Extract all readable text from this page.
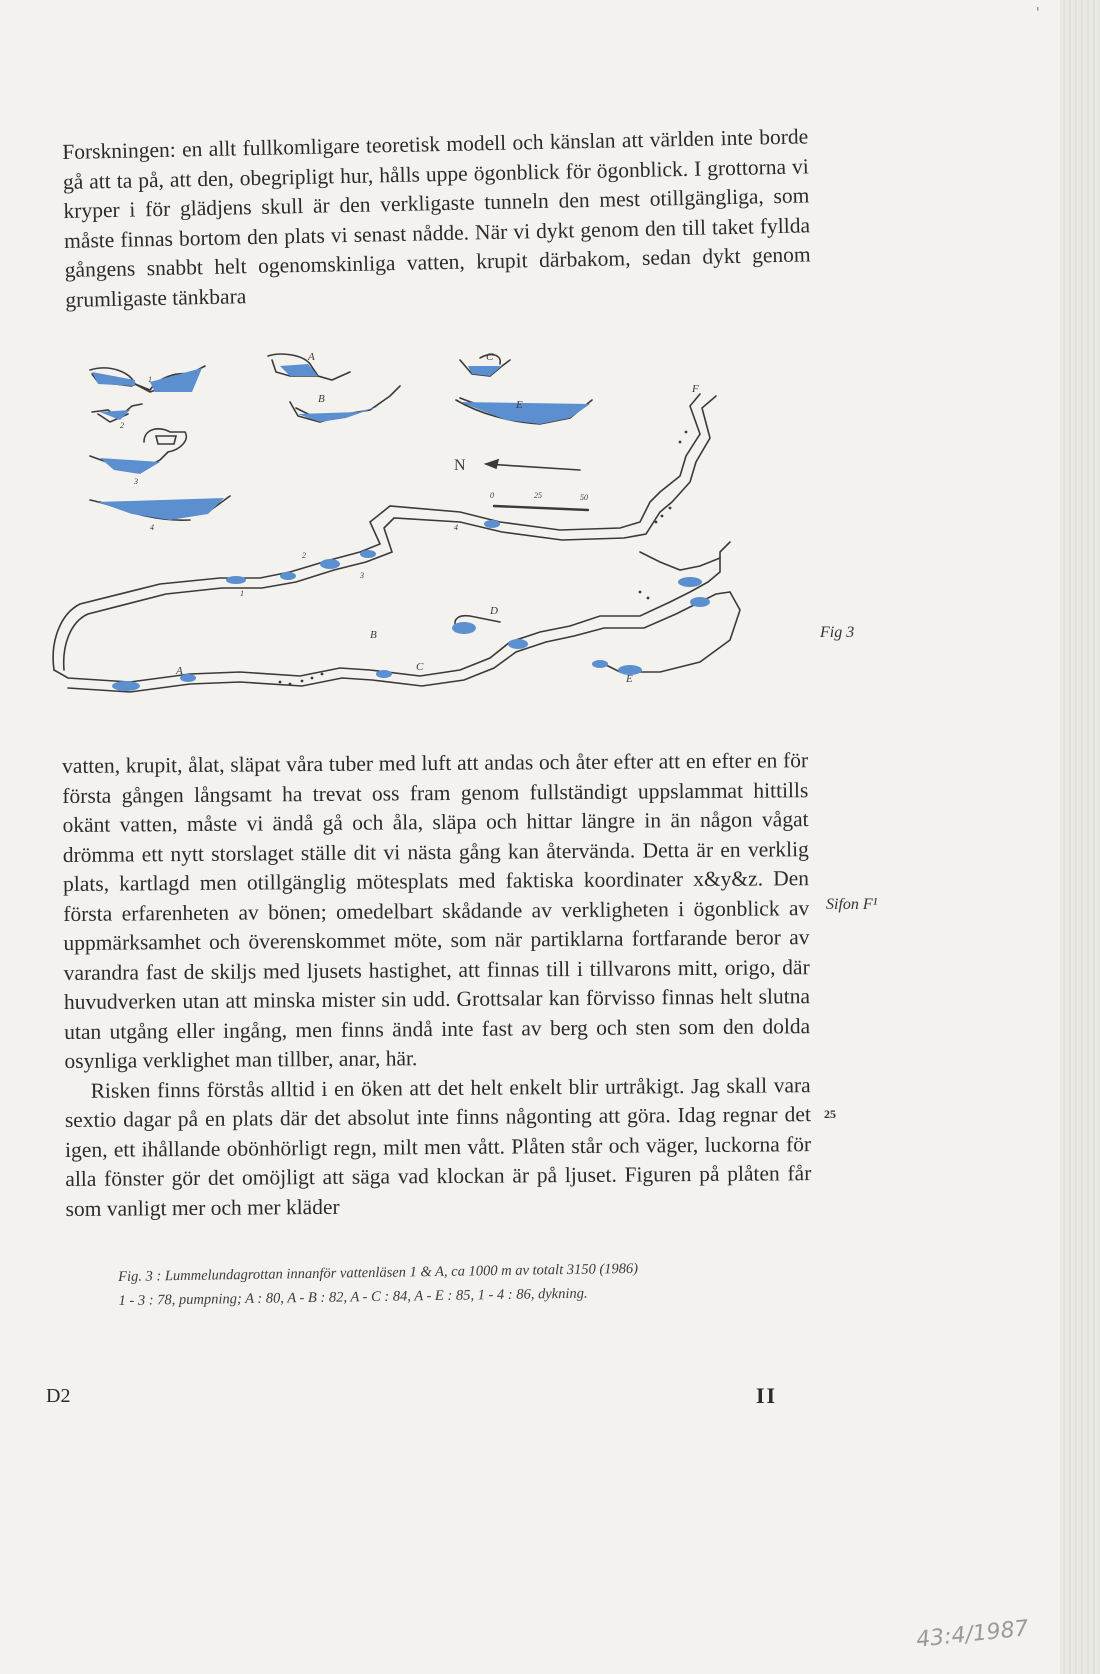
'

Forskningen: en allt fullkomligare teoretisk modell och känslan att världen inte borde gå att ta på, att den, obegripligt hur, hålls uppe ögonblick för ögonblick. I grottorna vi kryper i för glädjens skull är den verkligaste tunneln den mest otillgängliga, som måste finnas bortom den plats vi senast nådde. När vi dykt genom den till taket fyllda gångens snabbt helt ogenomskinliga vatten, krupit därbakom, sedan dykt genom grumligaste tänkbara

N
0	25	50
1
2
3
4
A
B
C
E
F
1
2
3
4
A
B
C
D
E
Fig 3

vatten, krupit, ålat, släpat våra tuber med luft att andas och åter efter att en efter en för första gången långsamt ha trevat oss fram genom fullständigt uppslammat hittills okänt vatten, måste vi ändå gå och åla, släpa och hittar längre in än någon vågat drömma ett nytt storslaget ställe dit vi nästa gång kan återvända. Detta är en verklig plats, kartlagd men otillgänglig mötesplats med faktiska koordinater x&y&z. Den första erfarenheten av bönen; omedelbart skådande av verkligheten i ögonblick av uppmärksamhet och överenskommet möte, som när partiklarna fortfarande beror av varandra fast de skiljs med ljusets hastighet, att finnas till i tillvarons mitt, origo, där huvudverken utan att minska mister sin udd. Grottsalar kan förvisso finnas helt slutna utan utgång eller ingång, men finns ändå inte fast av berg och sten som den dolda osynliga verklighet man tillber, anar, här.

Risken finns förstås alltid i en öken att det helt enkelt blir urtråkigt. Jag skall vara sextio dagar på en plats där det absolut inte finns någonting att göra. Idag regnar det igen, ett ihållande obönhörligt regn, milt men vått. Plåten står och väger, luckorna för alla fönster gör det omöjligt att säga vad klockan är på ljuset. Figuren på plåten får som vanligt mer och mer kläder

Sifon F¹
25

Fig. 3 : Lummelundagrottan innanför vattenläsen 1 & A, ca 1000 m av totalt 3150 (1986)

1 - 3 : 78, pumpning; A : 80, A - B : 82, A - C : 84, A - E : 85, 1 - 4 : 86, dykning.

D2	II
43:4/1987
